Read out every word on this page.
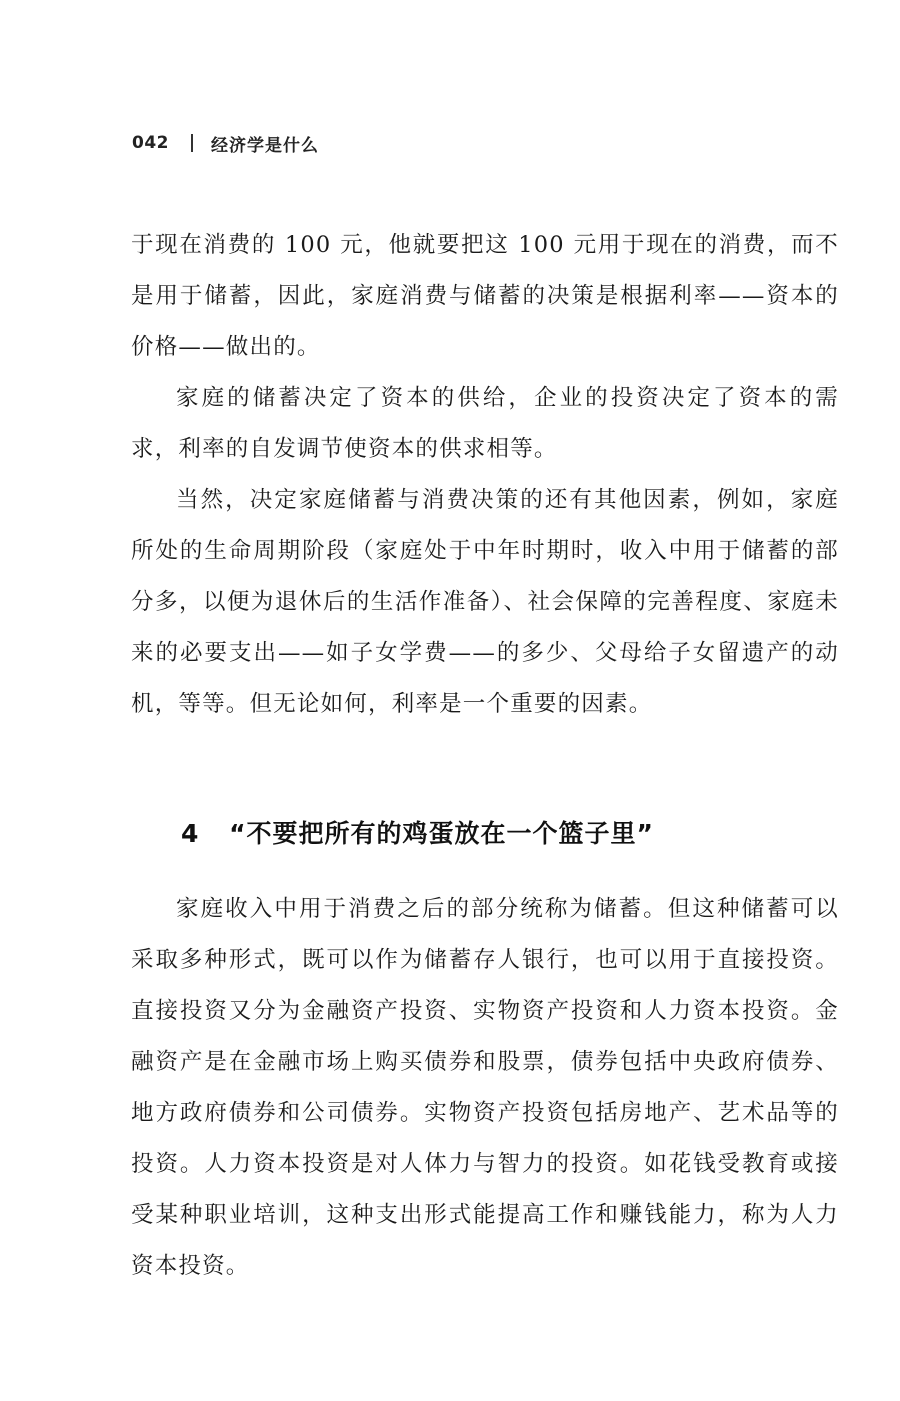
042 经济学是什么

于现在消费的 100 元，他就要把这 100 元用于现在的消费，而不是用于储蓄，因此，家庭消费与储蓄的决策是根据利率——资本的价格——做出的。

家庭的储蓄决定了资本的供给，企业的投资决定了资本的需求，利率的自发调节使资本的供求相等。

当然，决定家庭储蓄与消费决策的还有其他因素，例如，家庭所处的生命周期阶段（家庭处于中年时期时，收入中用于储蓄的部分多，以便为退休后的生活作准备）、社会保障的完善程度、家庭未来的必要支出——如子女学费——的多少、父母给子女留遗产的动机，等等。但无论如何，利率是一个重要的因素。

4 “不要把所有的鸡蛋放在一个篮子里”

家庭收入中用于消费之后的部分统称为储蓄。但这种储蓄可以采取多种形式，既可以作为储蓄存人银行，也可以用于直接投资。直接投资又分为金融资产投资、实物资产投资和人力资本投资。金融资产是在金融市场上购买债券和股票，债券包括中央政府债券、地方政府债券和公司债券。实物资产投资包括房地产、艺术品等的投资。人力资本投资是对人体力与智力的投资。如花钱受教育或接受某种职业培训，这种支出形式能提高工作和赚钱能力，称为人力资本投资。
